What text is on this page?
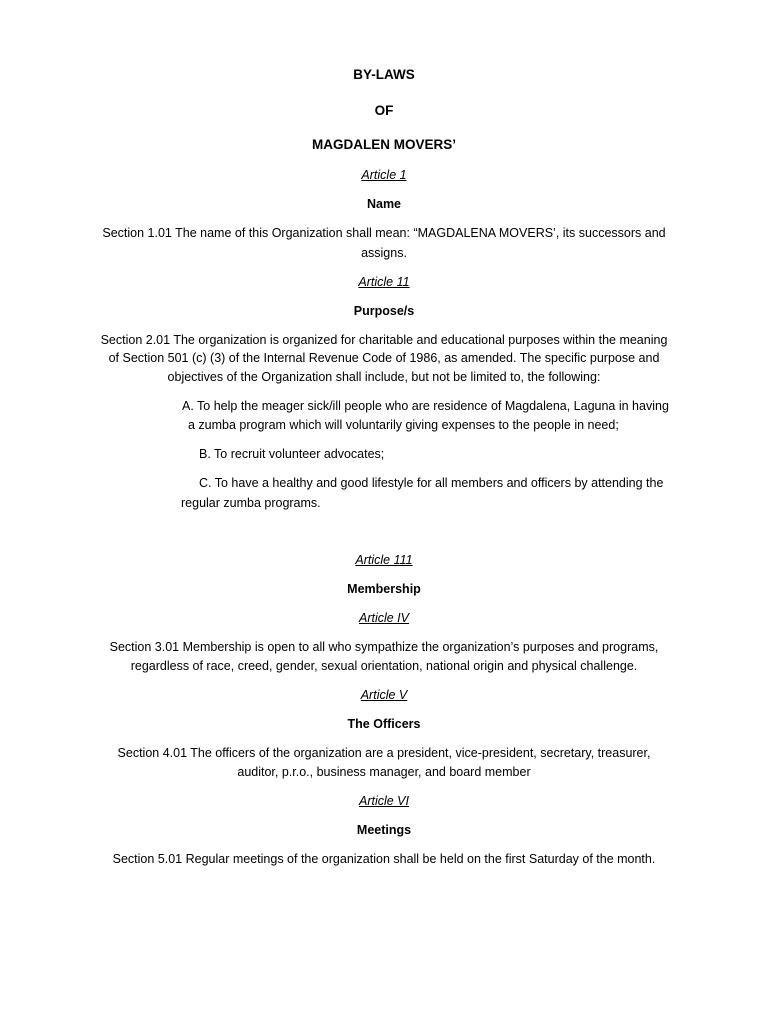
BY-LAWS
OF
MAGDALEN MOVERS’
Article 1
Name
Section 1.01 The name of this Organization shall mean: “MAGDALENA MOVERS’, its successors and
assigns.
Article 11
Purpose/s
Section 2.01 The organization is organized for charitable and educational purposes within the meaning
of Section 501 (c) (3) of the Internal Revenue Code of 1986, as amended. The specific purpose and
objectives of the Organization shall include, but not be limited to, the following:
A. To help the meager sick/ill people who are residence of Magdalena, Laguna in having
a zumba program which will voluntarily giving expenses to the people in need;
B. To recruit volunteer advocates;
C. To have a healthy and good lifestyle for all members and officers by attending the
regular zumba programs.
Article 111
Membership
Article IV
Section 3.01 Membership is open to all who sympathize the organization’s purposes and programs,
regardless of race, creed, gender, sexual orientation, national origin and physical challenge.
Article V
The Officers
Section 4.01 The officers of the organization are a president, vice-president, secretary, treasurer,
auditor, p.r.o., business manager, and board member
Article VI
Meetings
Section 5.01 Regular meetings of the organization shall be held on the first Saturday of the month.
